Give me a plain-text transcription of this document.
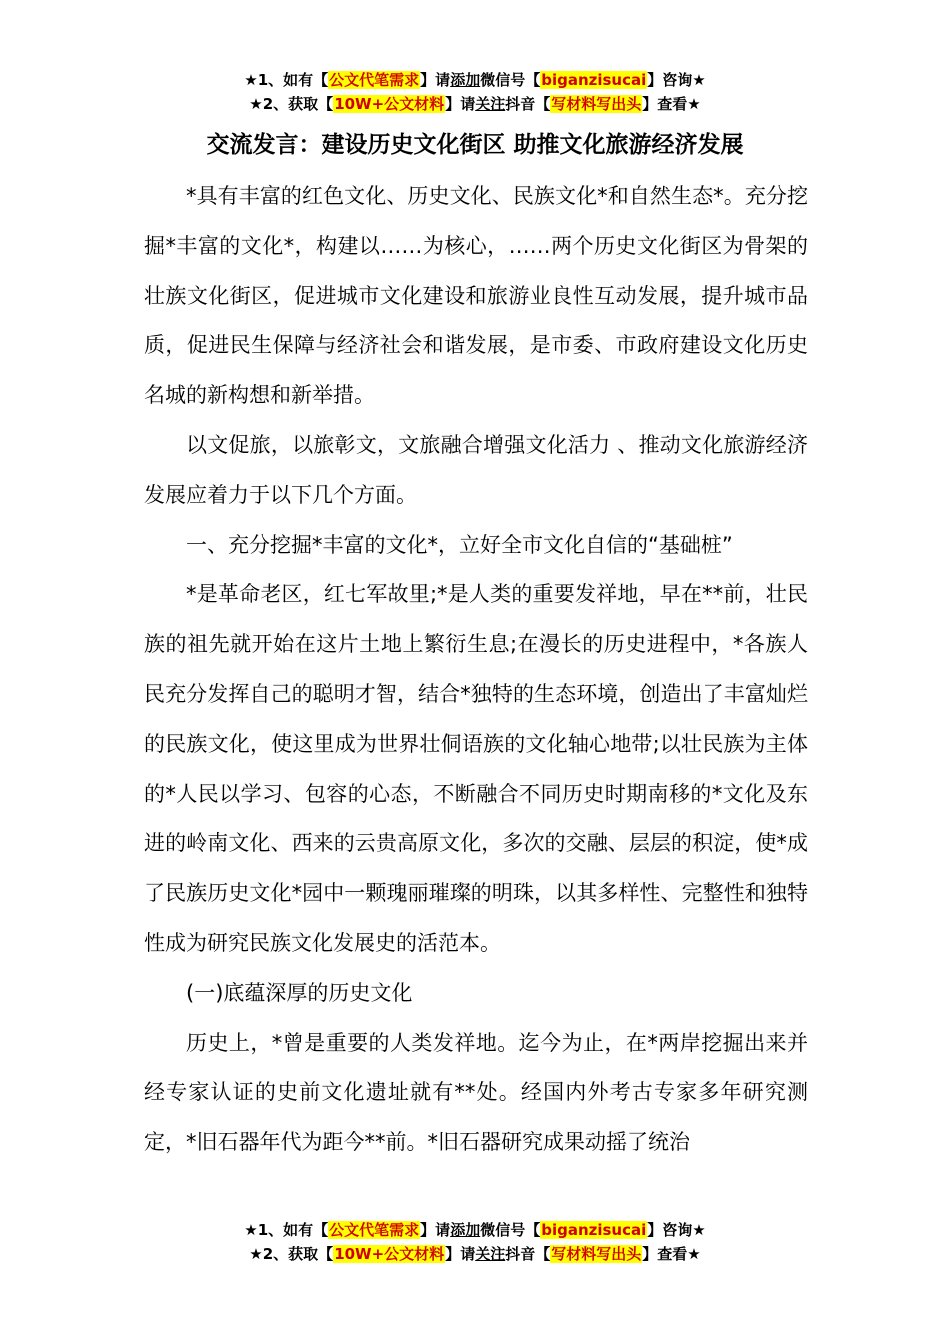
★1、如有【公文代笔需求】请添加微信号【biganzisucai】咨询★
★2、获取【10W+公文材料】请关注抖音【写材料写出头】查看★
交流发言：建设历史文化街区 助推文化旅游经济发展

*具有丰富的红色文化、历史文化、民族文化*和自然生态*。充分挖掘*丰富的文化*，构建以……为核心，……两个历史文化街区为骨架的壮族文化街区，促进城市文化建设和旅游业良性互动发展，提升城市品质，促进民生保障与经济社会和谐发展，是市委、市政府建设文化历史名城的新构想和新举措。

以文促旅，以旅彰文，文旅融合增强文化活力 、推动文化旅游经济发展应着力于以下几个方面。

一、充分挖掘*丰富的文化*，立好全市文化自信的“基础桩”

*是革命老区，红七军故里;*是人类的重要发祥地，早在**前，壮民族的祖先就开始在这片土地上繁衍生息;在漫长的历史进程中，*各族人民充分发挥自己的聪明才智，结合*独特的生态环境，创造出了丰富灿烂的民族文化，使这里成为世界壮侗语族的文化轴心地带;以壮民族为主体的*人民以学习、包容的心态，不断融合不同历史时期南移的*文化及东进的岭南文化、西来的云贵高原文化，多次的交融、层层的积淀，使*成了民族历史文化*园中一颗瑰丽璀璨的明珠，以其多样性、完整性和独特性成为研究民族文化发展史的活范本。

(一)底蕴深厚的历史文化

历史上，*曾是重要的人类发祥地。迄今为止，在*两岸挖掘出来并经专家认证的史前文化遗址就有**处。经国内外考古专家多年研究测定，*旧石器年代为距今**前。*旧石器研究成果动摇了统治

★1、如有【公文代笔需求】请添加微信号【biganzisucai】咨询★
★2、获取【10W+公文材料】请关注抖音【写材料写出头】查看★
